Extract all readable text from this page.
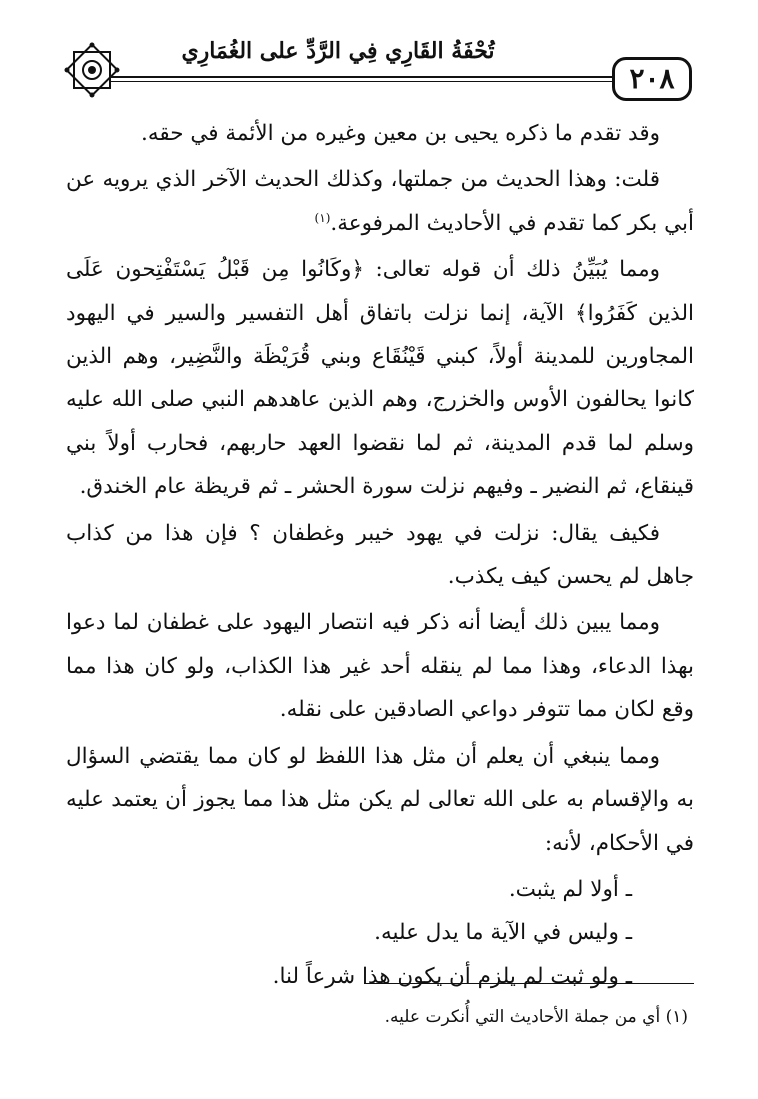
تُحْفَةُ القَارِي فِي الرَّدِّ على الغُمَارِي
٢٠٨

وقد تقدم ما ذكره يحيى بن معين وغيره من الأئمة في حقه.

قلت: وهذا الحديث من جملتها، وكذلك الحديث الآخر الذي يرويه عن أبي بكر كما تقدم في الأحاديث المرفوعة.$^{(١)}$

ومما يُبَيِّنُ ذلك أن قوله تعالى: ﴿وكَانُوا مِن قَبْلُ يَسْتَفْتِحون عَلَى الذين كَفَرُوا﴾ الآية، إنما نزلت باتفاق أهل التفسير والسير في اليهود المجاورين للمدينة أولاً، كبني قَيْنُقَاع وبني قُرَيْظَة والنَّضِير، وهم الذين كانوا يحالفون الأوس والخزرج، وهم الذين عاهدهم النبي صلى الله عليه وسلم لما قدم المدينة، ثم لما نقضوا العهد حاربهم، فحارب أولاً بني قينقاع، ثم النضير ـ وفيهم نزلت سورة الحشر ـ ثم قريظة عام الخندق.

فكيف يقال: نزلت في يهود خيبر وغطفان ؟ فإن هذا من كذاب جاهل لم يحسن كيف يكذب.

ومما يبين ذلك أيضا أنه ذكر فيه انتصار اليهود على غطفان لما دعوا بهذا الدعاء، وهذا مما لم ينقله أحد غير هذا الكذاب، ولو كان هذا مما وقع لكان مما تتوفر دواعي الصادقين على نقله.

ومما ينبغي أن يعلم أن مثل هذا اللفظ لو كان مما يقتضي السؤال به والإقسام به على الله تعالى لم يكن مثل هذا مما يجوز أن يعتمد عليه في الأحكام، لأنه:

ـ أولا لم يثبت.
ـ وليس في الآية ما يدل عليه.
ـ ولو ثبت لم يلزم أن يكون هذا شرعاً لنا.
(١) أي من جملة الأحاديث التي أُنكرت عليه.
